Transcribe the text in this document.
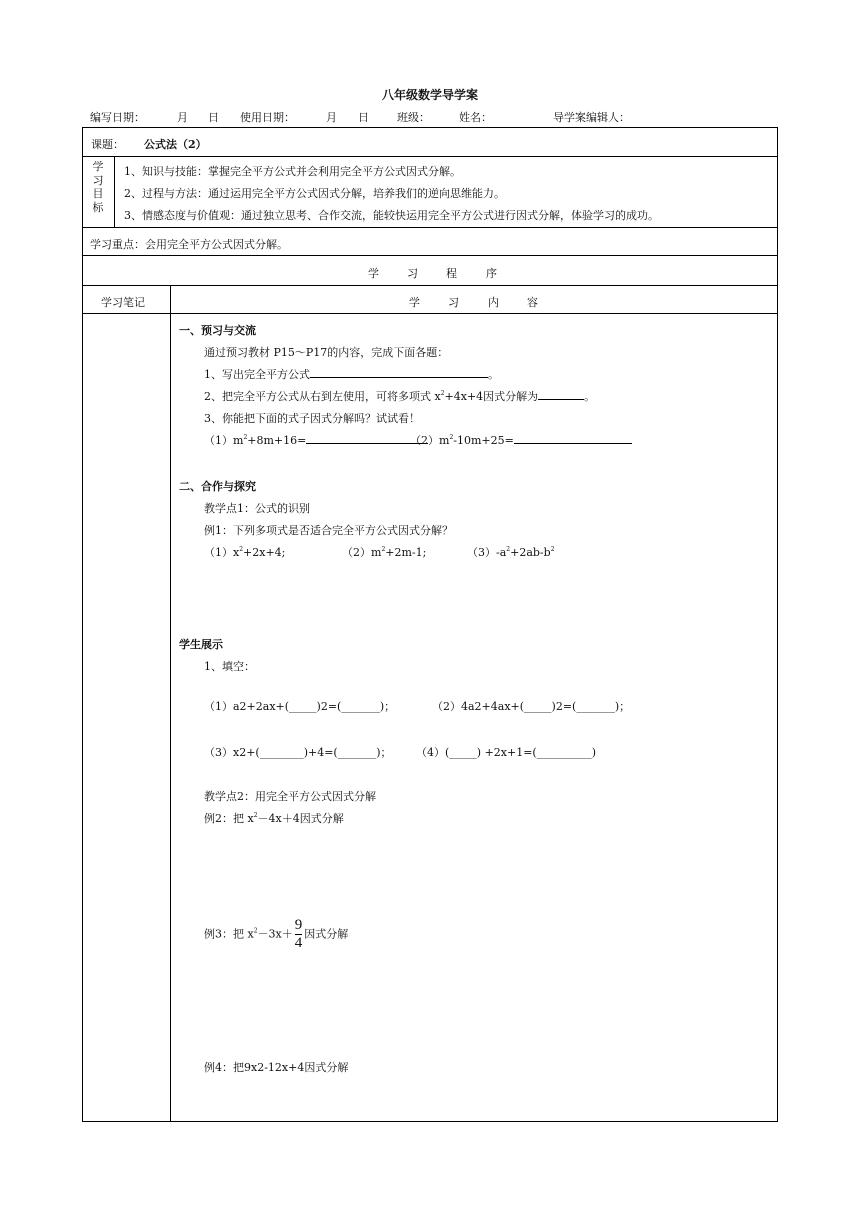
八年级数学导学案
编写日期：	月 日 使用日期：	月 日	班级：	姓名：	导学案编辑人：
课题： 公式法（2）
学
习
目
标
1、知识与技能：掌握完全平方公式并会利用完全平方公式因式分解。
2、过程与方法：通过运用完全平方公式因式分解，培养我们的逆向思维能力。
3、情感态度与价值观：通过独立思考、合作交流，能较快运用完全平方公式进行因式分解，体验学习的成功。
学习重点：会用完全平方公式因式分解。
学	习	程	序
学习笔记	学	习	内	容
一、预习与交流
通过预习教材 P15～P17的内容，完成下面各题：
1、写出完全平方公式	。
2、把完全平方公式从右到左使用，可将多项式 $x^2+4x+4$因式分解为	。
3、你能把下面的式子因式分解吗？试试看！
$(1)m^2+8m+16=$	$(2)m^2-10m+25=$
二、合作与探究
教学点1：公式的识别
例1：下列多项式是否适合完全平方公式因式分解？
$(1)x^2+2x+4$;	$(2)m^2+2m-1$;	$(3)-a^2+2ab-b^2$
学生展示
1、填空：
（1）a2+2ax+(_____)2=(_______)；	（2）4a2+4ax+(_____)2=(_______)；
（3）x2+(________)+4=(_______)； （4）(_____) +2x+1=(__________)
教学点2：用完全平方公式因式分解
例2：把 $x^2-4x+4$因式分解
例3：把 $x^2-3x+ \frac{9}{4}$ 因式分解
例4：把9x2-12x+4因式分解
